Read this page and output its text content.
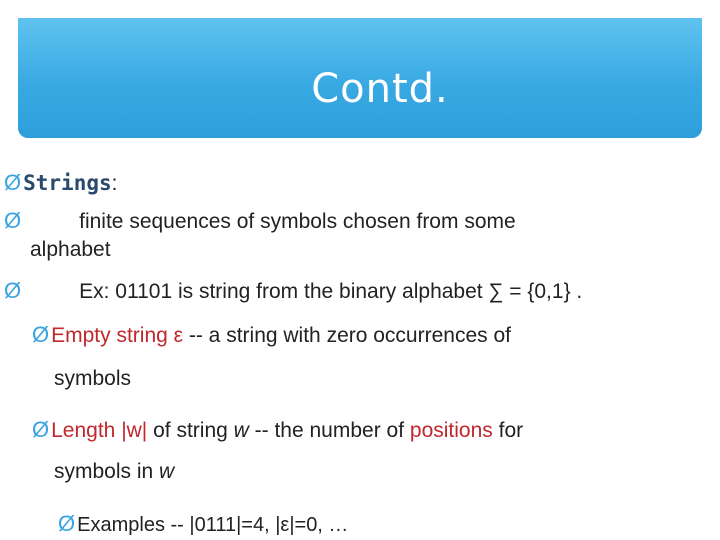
Contd.
ØStrings:
Ø	finite sequences of symbols chosen from some
alphabet
Ø	Ex: 01101 is string from the binary alphabet ∑ = {0,1} .
ØEmpty string ε -- a string with zero occurrences of
symbols
ØLength |w| of string w -- the number of positions for
symbols in w
Ø Examples -- |0111|=4, |ε|=0, …
